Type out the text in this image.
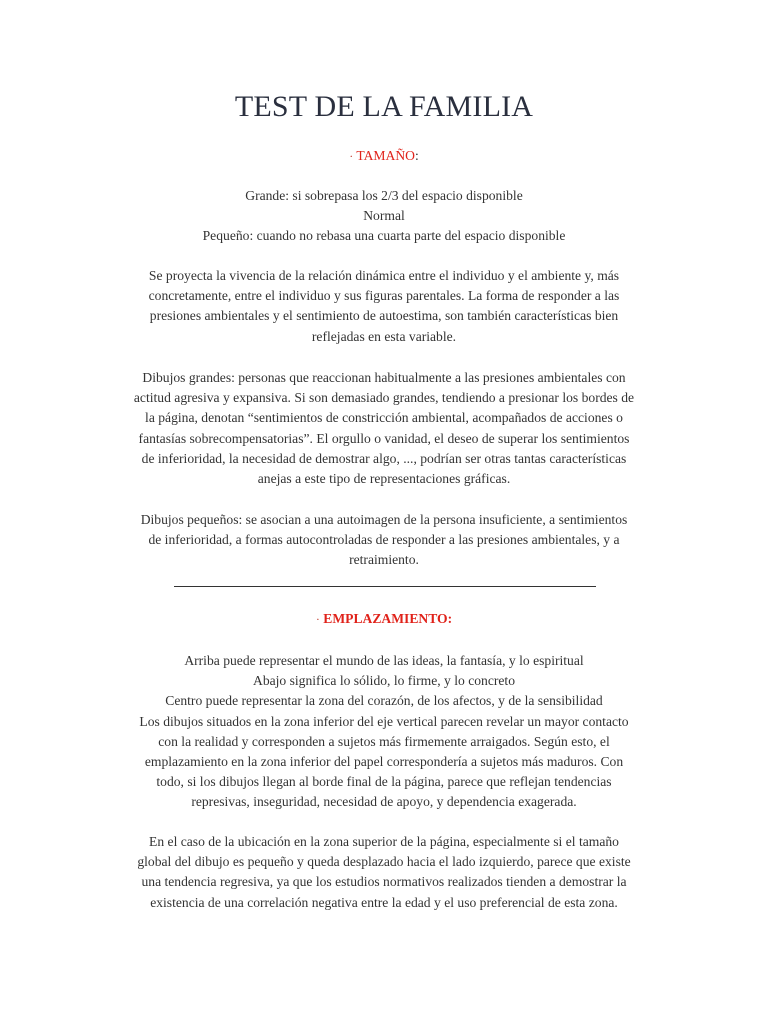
TEST DE LA FAMILIA

· TAMAÑO:

Grande: si sobrepasa los 2/3 del espacio disponible
Normal
Pequeño: cuando no rebasa una cuarta parte del espacio disponible

Se proyecta la vivencia de la relación dinámica entre el individuo y el ambiente y, más
concretamente, entre el individuo y sus figuras parentales. La forma de responder a las
presiones ambientales y el sentimiento de autoestima, son también características bien
reflejadas en esta variable.

Dibujos grandes: personas que reaccionan habitualmente a las presiones ambientales con
actitud agresiva y expansiva. Si son demasiado grandes, tendiendo a presionar los bordes de
la página, denotan “sentimientos de constricción ambiental, acompañados de acciones o
fantasías sobrecompensatorias”. El orgullo o vanidad, el deseo de superar los sentimientos
de inferioridad, la necesidad de demostrar algo, ..., podrían ser otras tantas características
anejas a este tipo de representaciones gráficas.

Dibujos pequeños: se asocian a una autoimagen de la persona insuficiente, a sentimientos
de inferioridad, a formas autocontroladas de responder a las presiones ambientales, y a
retraimiento.

· EMPLAZAMIENTO:

Arriba puede representar el mundo de las ideas, la fantasía, y lo espiritual
Abajo significa lo sólido, lo firme, y lo concreto
Centro puede representar la zona del corazón, de los afectos, y de la sensibilidad
Los dibujos situados en la zona inferior del eje vertical parecen revelar un mayor contacto
con la realidad y corresponden a sujetos más firmemente arraigados. Según esto, el
emplazamiento en la zona inferior del papel correspondería a sujetos más maduros. Con
todo, si los dibujos llegan al borde final de la página, parece que reflejan tendencias
represivas, inseguridad, necesidad de apoyo, y dependencia exagerada.

En el caso de la ubicación en la zona superior de la página, especialmente si el tamaño
global del dibujo es pequeño y queda desplazado hacia el lado izquierdo, parece que existe
una tendencia regresiva, ya que los estudios normativos realizados tienden a demostrar la
existencia de una correlación negativa entre la edad y el uso preferencial de esta zona.
